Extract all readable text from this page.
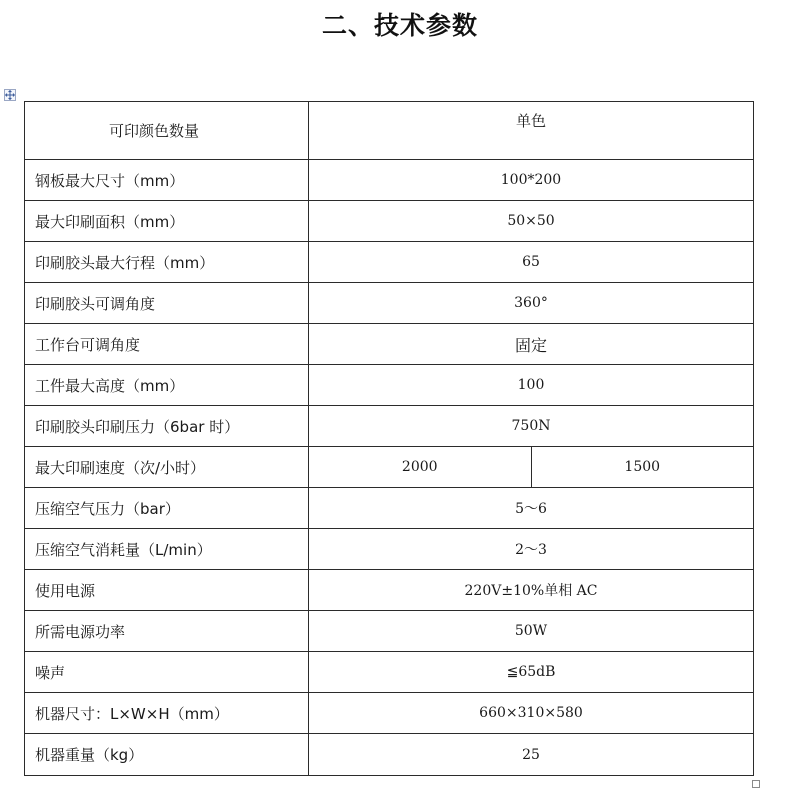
二、技术参数
可印颜色数量	单色	
钢板最大尺寸（mm）	100*200	
最大印刷面积（mm）	50×50	
印刷胶头最大行程（mm）	65	
印刷胶头可调角度	360°	
工作台可调角度	固定	
工件最大高度（mm）	100	
印刷胶头印刷压力（6bar 时）	750N	
最大印刷速度（次/小时）	2000	1500
压缩空气压力（bar）	5～6	
压缩空气消耗量（L/min）	2～3	
使用电源	220V±10%单相 AC	
所需电源功率	50W	
噪声	≦65dB	
机器尺寸：L×W×H（mm）	660×310×580	
机器重量（kg）	25	
